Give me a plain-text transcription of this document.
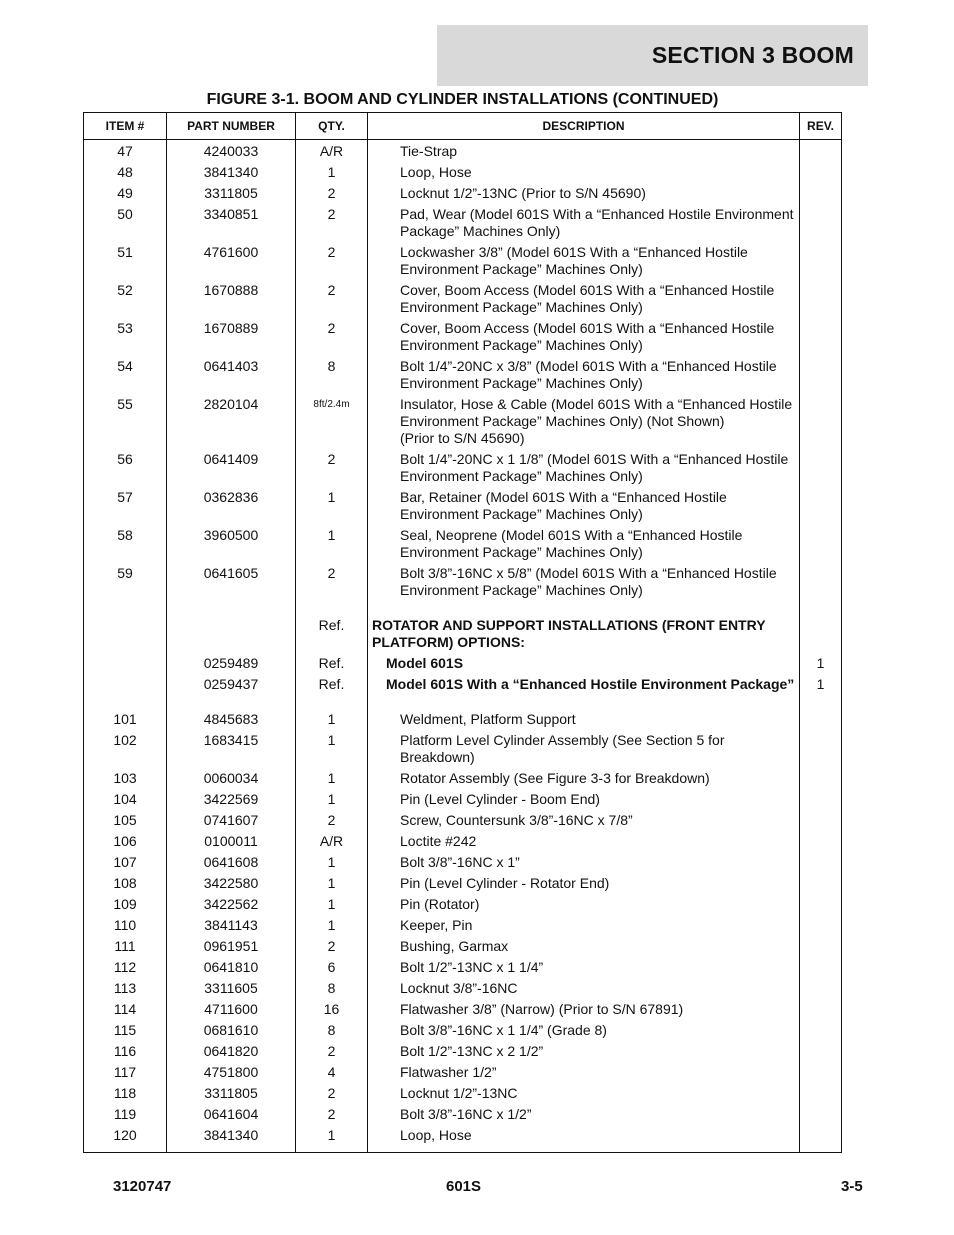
SECTION 3 BOOM
FIGURE 3-1. BOOM AND CYLINDER INSTALLATIONS (CONTINUED)
ITEM #	PART NUMBER	QTY.	DESCRIPTION	REV.
47	4240033	A/R	Tie-Strap	
48	3841340	1	Loop, Hose	
49	3311805	2	Locknut 1/2”-13NC (Prior to S/N 45690)	
50	3340851	2	Pad, Wear (Model 601S With a “Enhanced Hostile Environment Package” Machines Only)	
51	4761600	2	Lockwasher 3/8” (Model 601S With a “Enhanced Hostile Environment Package” Machines Only)	
52	1670888	2	Cover, Boom Access (Model 601S With a “Enhanced Hostile Environment Package” Machines Only)	
53	1670889	2	Cover, Boom Access (Model 601S With a “Enhanced Hostile Environment Package” Machines Only)	
54	0641403	8	Bolt 1/4”-20NC x 3/8” (Model 601S With a “Enhanced Hostile Environment Package” Machines Only)	
55	2820104	8ft/2.4m	Insulator, Hose & Cable (Model 601S With a “Enhanced Hostile Environment Package” Machines Only) (Not Shown)
(Prior to S/N 45690)	
56	0641409	2	Bolt 1/4”-20NC x 1 1/8” (Model 601S With a “Enhanced Hostile Environment Package” Machines Only)	
57	0362836	1	Bar, Retainer (Model 601S With a “Enhanced Hostile Environment Package” Machines Only)	
58	3960500	1	Seal, Neoprene (Model 601S With a “Enhanced Hostile Environment Package” Machines Only)	
59	0641605	2	Bolt 3/8”-16NC x 5/8” (Model 601S With a “Enhanced Hostile Environment Package” Machines Only)	

		Ref.	ROTATOR AND SUPPORT INSTALLATIONS (FRONT ENTRY PLATFORM) OPTIONS:	
	0259489	Ref.	Model 601S	1
	0259437	Ref.	Model 601S With a “Enhanced Hostile Environment Package”	1

101	4845683	1	Weldment, Platform Support	
102	1683415	1	Platform Level Cylinder Assembly (See Section 5 for Breakdown)	
103	0060034	1	Rotator Assembly (See Figure 3-3 for Breakdown)	
104	3422569	1	Pin (Level Cylinder - Boom End)	
105	0741607	2	Screw, Countersunk 3/8”-16NC x 7/8”	
106	0100011	A/R	Loctite #242	
107	0641608	1	Bolt 3/8”-16NC x 1”	
108	3422580	1	Pin (Level Cylinder - Rotator End)	
109	3422562	1	Pin (Rotator)	
110	3841143	1	Keeper, Pin	
111	0961951	2	Bushing, Garmax	
112	0641810	6	Bolt 1/2”-13NC x 1 1/4”	
113	3311605	8	Locknut 3/8”-16NC	
114	4711600	16	Flatwasher 3/8” (Narrow) (Prior to S/N 67891)	
115	0681610	8	Bolt 3/8”-16NC x 1 1/4” (Grade 8)	
116	0641820	2	Bolt 1/2”-13NC x 2 1/2”	
117	4751800	4	Flatwasher 1/2”	
118	3311805	2	Locknut 1/2”-13NC	
119	0641604	2	Bolt 3/8”-16NC x 1/2”	
120	3841340	1	Loop, Hose	
3120747	601S	3-5
